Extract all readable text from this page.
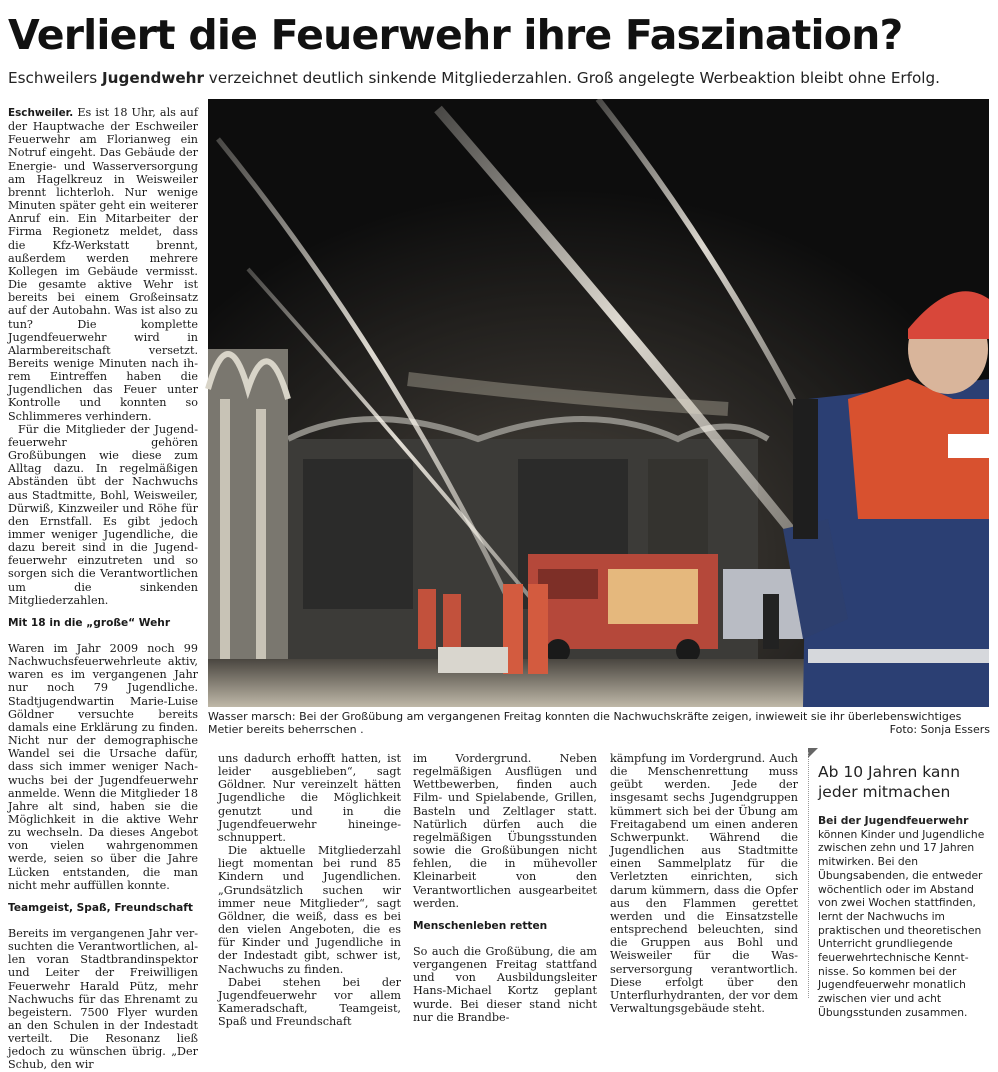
Verliert die Feuerwehr ihre Faszination?
Eschweilers Jugendwehr verzeichnet deutlich sinkende Mitgliederzahlen. Groß angelegte Werbeaktion bleibt ohne Erfolg.

Eschweiler. Es ist 18 Uhr, als auf der Hauptwache der Eschweiler Feuerwehr am Florianweg ein Notruf eingeht. Das Gebäude der Energie- und Wasserversorgung am Hagelkreuz in Weisweiler brennt lichterloh. Nur wenige Minuten später geht ein weiterer Anruf ein. Ein Mitarbeiter der Firma Regionetz meldet, dass die Kfz-Werkstatt brennt, außerdem werden mehrere Kollegen im Gebäude vermisst. Die gesamte aktive Wehr ist bereits bei einem Großeinsatz auf der Autobahn. Was ist also zu tun? Die komplette Jugendfeuerwehr wird in Alarmbereitschaft versetzt. Bereits wenige Minuten nach ihrem Eintreffen haben die Jugendlichen das Feuer unter Kontrolle und konnten so Schlimmeres verhindern.

Für die Mitglieder der Jugendfeuerwehr gehören Großübungen wie diese zum Alltag dazu. In regelmäßigen Abständen übt der Nachwuchs aus Stadtmitte, Bohl, Weisweiler, Dürwiß, Kinzweiler und Röhe für den Ernstfall. Es gibt jedoch immer weniger Jugendliche, die dazu bereit sind in die Jugendfeuerwehr einzutreten und so sorgen sich die Verantwortlichen um die sinkenden Mitgliederzahlen.

Mit 18 in die „große“ Wehr

Waren im Jahr 2009 noch 99 Nachwuchsfeuerwehrleute aktiv, waren es im vergangenen Jahr nur noch 79 Jugendliche. Stadtjugendwartin Marie-Luise Göldner versuchte bereits damals eine Erklärung zu finden. Nicht nur der demographische Wandel sei die Ursache dafür, dass sich immer weniger Nachwuchs bei der Jugendfeuerwehr anmelde. Wenn die Mitglieder 18 Jahre alt sind, haben sie die Möglichkeit in die aktive Wehr zu wechseln. Da dieses Angebot von vielen wahrgenommen werde, seien so über die Jahre Lücken entstanden, die man nicht mehr auffüllen konnte.

Teamgeist, Spaß, Freundschaft

Bereits im vergangenen Jahr versuchten die Verantwortlichen, allen voran Stadtbrandinspektor und Leiter der Freiwilligen Feuerwehr Harald Pütz, mehr Nachwuchs für das Ehrenamt zu begeistern. 7500 Flyer wurden an den Schulen in der Indestadt verteilt. Die Resonanz ließ jedoch zu wünschen übrig. „Der Schub, den wir

Wasser marsch: Bei der Großübung am vergangenen Freitag konnten die Nachwuchskräfte zeigen, inwieweit sie ihr überlebenswichtiges Metier bereits beherrschen .	Foto: Sonja Essers

uns dadurch erhofft hatten, ist leider ausgeblieben“, sagt Göldner. Nur vereinzelt hätten Jugendliche die Möglichkeit genutzt und in die Jugendfeuerwehr hineingeschnuppert.

Die aktuelle Mitgliederzahl liegt momentan bei rund 85 Kindern und Jugendlichen. „Grundsätzlich suchen wir immer neue Mitglieder“, sagt Göldner, die weiß, dass es bei den vielen Angeboten, die es für Kinder und Jugendliche in der Indestadt gibt, schwer ist, Nachwuchs zu finden.

Dabei stehen bei der Jugendfeuerwehr vor allem Kameradschaft, Teamgeist, Spaß und Freundschaft

im Vordergrund. Neben regelmäßigen Ausflügen und Wettbewerben, finden auch Film- und Spielabende, Grillen, Basteln und Zeltlager statt. Natürlich dürfen auch die regelmäßigen Übungsstunden sowie die Großübungen nicht fehlen, die in mühevoller Kleinarbeit von den Verantwortlichen ausgearbeitet werden.

Menschenleben retten

So auch die Großübung, die am vergangenen Freitag stattfand und von Ausbildungsleiter Hans-Michael Kortz geplant wurde. Bei dieser stand nicht nur die Brandbe-

kämpfung im Vordergrund. Auch die Menschenrettung muss geübt werden. Jede der insgesamt sechs Jugendgruppen kümmert sich bei der Übung am Freitagabend um einen anderen Schwerpunkt. Während die Jugendlichen aus Stadtmitte einen Sammelplatz für die Verletzten einrichten, sich darum kümmern, dass die Opfer aus den Flammen gerettet werden und die Einsatzstelle entsprechend beleuchten, sind die Gruppen aus Bohl und Weisweiler für die Wasserversorgung verantwortlich. Diese erfolgt über den Unterflurhydranten, der vor dem Verwaltungsgebäude steht.

Ab 10 Jahren kann jeder mitmachen
Bei der Jugendfeuerwehr können Kinder und Jugendliche zwischen zehn und 17 Jahren mitwirken. Bei den Übungsabenden, die entweder wöchentlich oder im Abstand von zwei Wochen stattfinden, lernt der Nachwuchs im praktischen und theoretischen Unterricht grundliegende feuerwehrtechnische Kenntnisse. So kommen bei der Jugendfeuerwehr monatlich zwischen vier und acht Übungsstunden zusammen.
